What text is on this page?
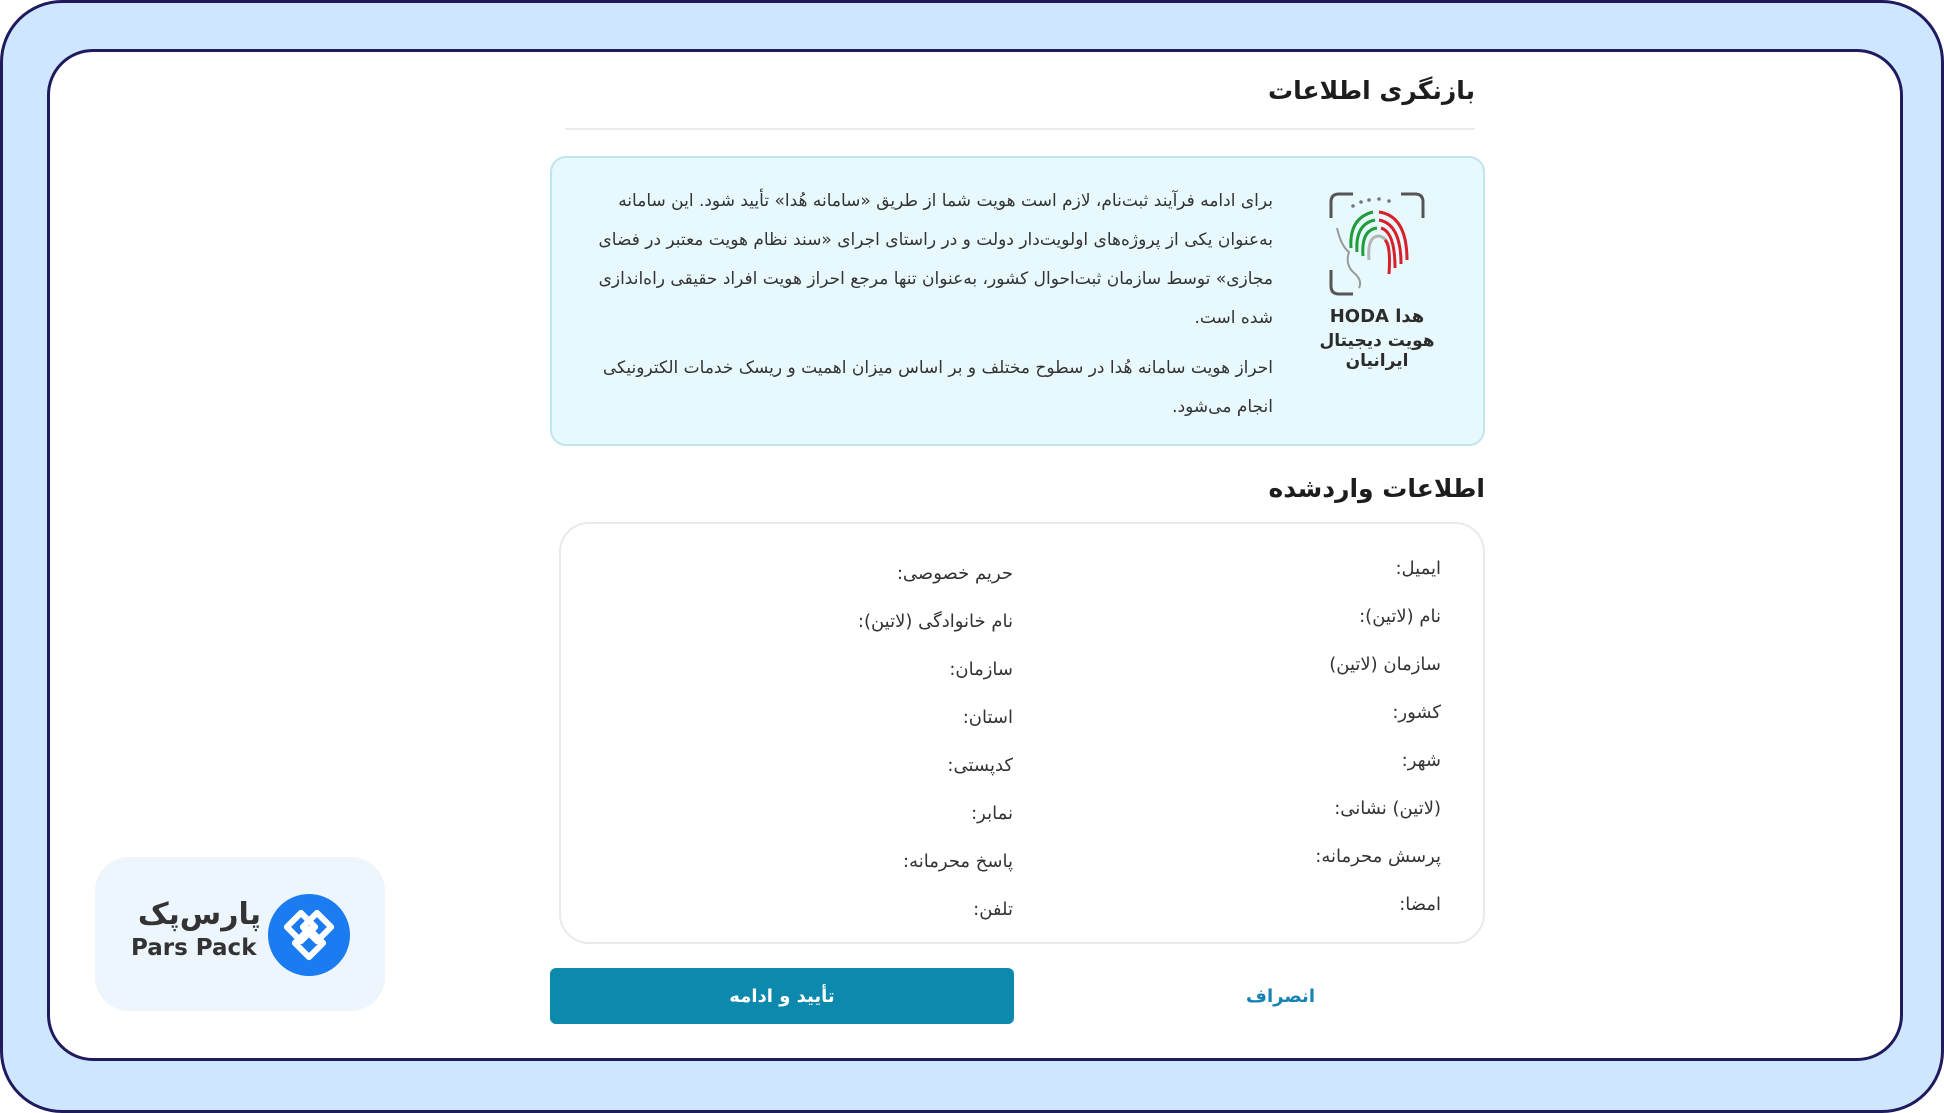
بازنگری اطلاعات
HODA هدا
هویت دیجیتال ایرانیان

برای ادامه فرآیند ثبت‌نام، لازم است هویت شما از طریق «سامانه هُدا» تأیید شود. این سامانه به‌عنوان یکی از پروژه‌های اولویت‌دار دولت و در راستای اجرای «سند نظام هویت معتبر در فضای مجازی» توسط سازمان ثبت‌احوال کشور، به‌عنوان تنها مرجع احراز هویت افراد حقیقی راه‌اندازی شده است.

احراز هویت سامانه هُدا در سطوح مختلف و بر اساس میزان اهمیت و ریسک خدمات الکترونیکی انجام می‌شود.

اطلاعات واردشده
ایمیل:
نام (لاتین):
سازمان (لاتین)
کشور:
شهر:
(لاتین) نشانی:
پرسش محرمانه:
امضا:
حریم خصوصی:
نام خانوادگی (لاتین):
سازمان:
استان:
کدپستی:
نمابر:
پاسخ محرمانه:
تلفن:
انصراف
تأیید و ادامه
پارس‌پک
Pars Pack
